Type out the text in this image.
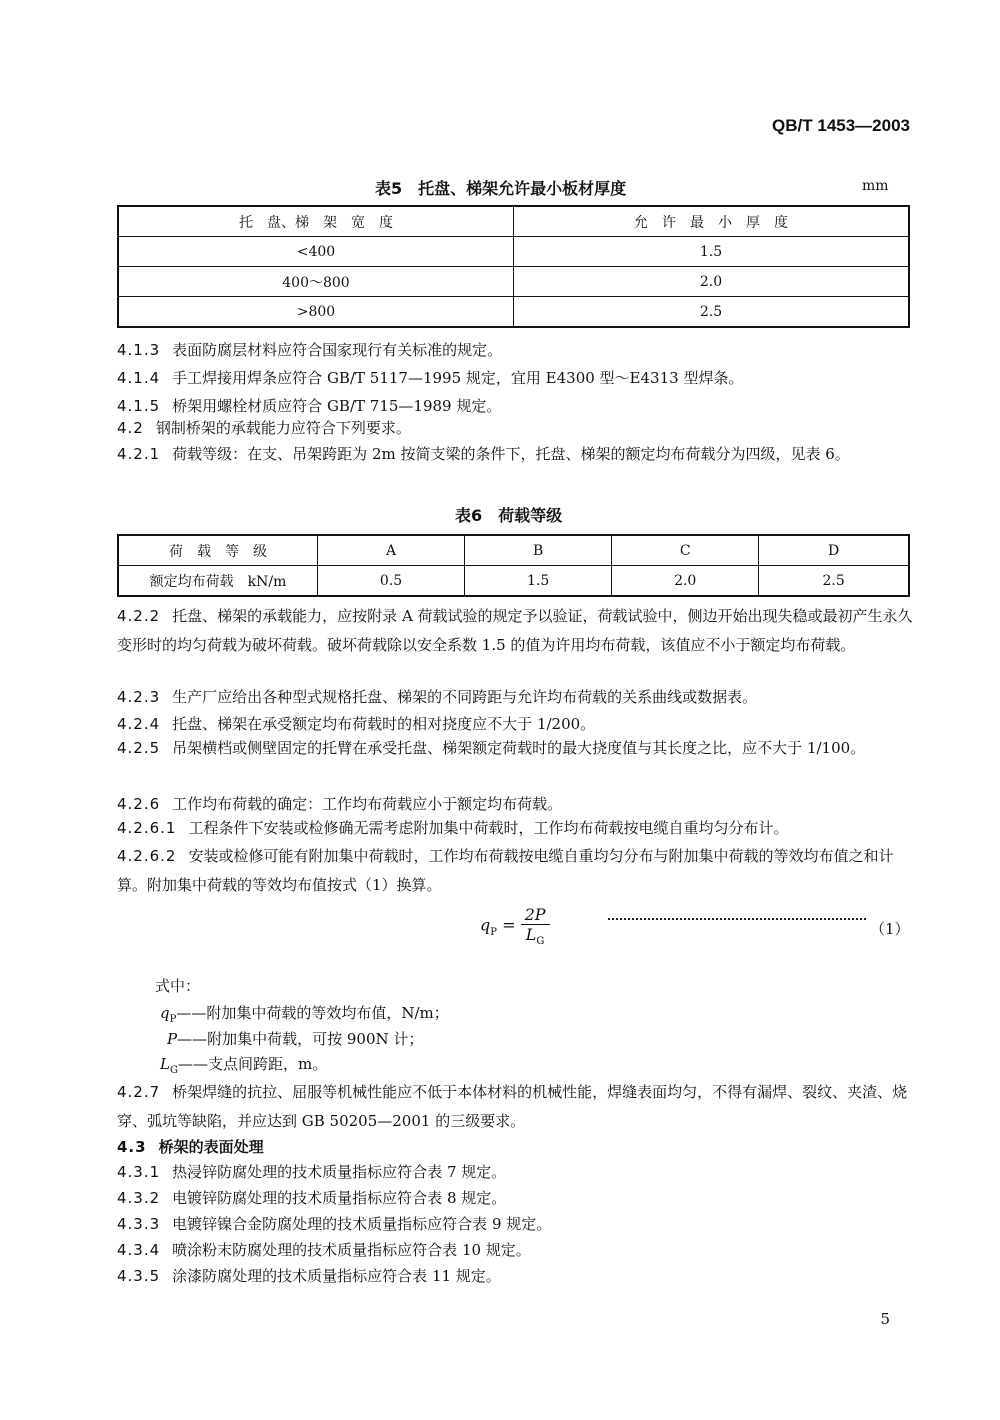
QB/T 1453—2003
表5　托盘、梯架允许最小板材厚度	mm
托　盘、梯　架　宽　度	允　许　最　小　厚　度
<400	1.5
400～800	2.0
>800	2.5
4.1.3 表面防腐层材料应符合国家现行有关标准的规定。
4.1.4 手工焊接用焊条应符合 GB/T 5117—1995 规定，宜用 E4300 型～E4313 型焊条。
4.1.5 桥架用螺栓材质应符合 GB/T 715—1989 规定。
4.2 钢制桥架的承载能力应符合下列要求。
4.2.1 荷载等级：在支、吊架跨距为 2m 按简支梁的条件下，托盘、梯架的额定均布荷载分为四级，见表 6。
表6　荷载等级
荷　载　等　级	A	B	C	D
额定均布荷载　kN/m	0.5	1.5	2.0	2.5
4.2.2 托盘、梯架的承载能力，应按附录 A 荷载试验的规定予以验证，荷载试验中，侧边开始出现失稳或最初产生永久变形时的均匀荷载为破坏荷载。破坏荷载除以安全系数 1.5 的值为许用均布荷载，该值应不小于额定均布荷载。
4.2.3 生产厂应给出各种型式规格托盘、梯架的不同跨距与允许均布荷载的关系曲线或数据表。
4.2.4 托盘、梯架在承受额定均布荷载时的相对挠度应不大于 1/200。
4.2.5 吊架横档或侧壁固定的托臂在承受托盘、梯架额定荷载时的最大挠度值与其长度之比，应不大于 1/100。
4.2.6 工作均布荷载的确定：工作均布荷载应小于额定均布荷载。
4.2.6.1 工程条件下安装或检修确无需考虑附加集中荷载时，工作均布荷载按电缆自重均匀分布计。
4.2.6.2 安装或检修可能有附加集中荷载时，工作均布荷载按电缆自重均匀分布与附加集中荷载的等效均布值之和计算。附加集中荷载的等效均布值按式（1）换算。
$q_P = \frac{2P}{L_G}$	（1）
式中：
$q_P——$附加集中荷载的等效均布值，N/m；
P——附加集中荷载，可按 900N 计；
$L_G——$支点间跨距，m。
4.2.7 桥架焊缝的抗拉、屈服等机械性能应不低于本体材料的机械性能，焊缝表面均匀，不得有漏焊、裂纹、夹渣、烧穿、弧坑等缺陷，并应达到 GB 50205—2001 的三级要求。
4.3 桥架的表面处理
4.3.1 热浸锌防腐处理的技术质量指标应符合表 7 规定。
4.3.2 电镀锌防腐处理的技术质量指标应符合表 8 规定。
4.3.3 电镀锌镍合金防腐处理的技术质量指标应符合表 9 规定。
4.3.4 喷涂粉末防腐处理的技术质量指标应符合表 10 规定。
4.3.5 涂漆防腐处理的技术质量指标应符合表 11 规定。
5
